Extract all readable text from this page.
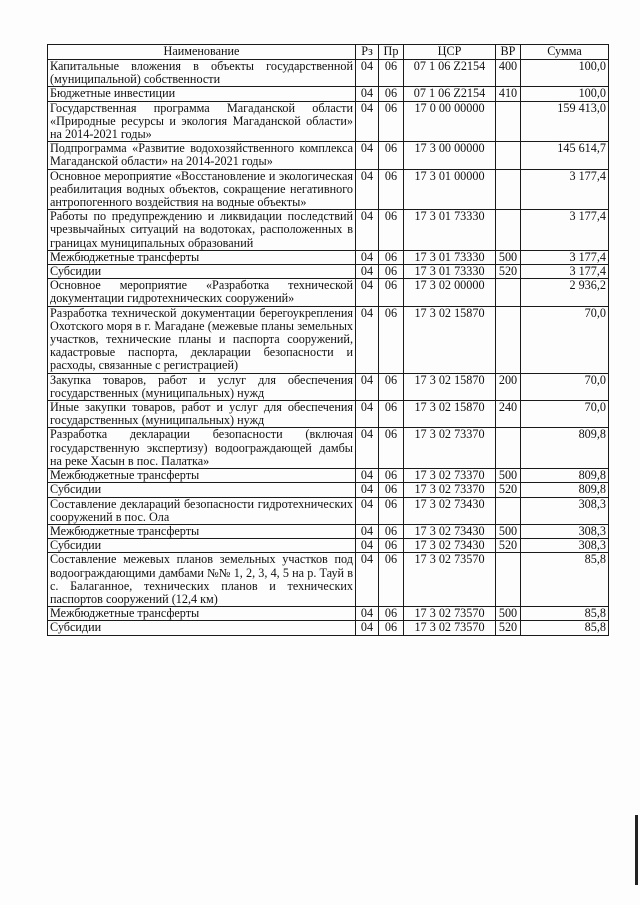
Наименование	Рз	Пр	ЦСР	ВР	Сумма
Капитальные вложения в объекты государственной (муниципальной) собственности	04	06	07 1 06 Z2154	400	100,0
Бюджетные инвестиции	04	06	07 1 06 Z2154	410	100,0
Государственная программа Магаданской области «Природные ресурсы и экология Магаданской области» на 2014-2021 годы»	04	06	17 0 00 00000		159 413,0
Подпрограмма «Развитие водохозяйственного комплекса Магаданской области» на 2014-2021 годы»	04	06	17 3 00 00000		145 614,7
Основное мероприятие «Восстановление и экологическая реабилитация водных объектов, сокращение негативного антропогенного воздействия на водные объекты»	04	06	17 3 01 00000		3 177,4
Работы по предупреждению и ликвидации последствий чрезвычайных ситуаций на водотоках, расположенных в границах муниципальных образований	04	06	17 3 01 73330		3 177,4
Межбюджетные трансферты	04	06	17 3 01 73330	500	3 177,4
Субсидии	04	06	17 3 01 73330	520	3 177,4
Основное мероприятие «Разработка технической документации гидротехнических сооружений»	04	06	17 3 02 00000		2 936,2
Разработка технической документации берегоукрепления Охотского моря в г. Магадане (межевые планы земельных участков, технические планы и паспорта сооружений, кадастровые паспорта, декларации безопасности и расходы, связанные с регистрацией)	04	06	17 3 02 15870		70,0
Закупка товаров, работ и услуг для обеспечения государственных (муниципальных) нужд	04	06	17 3 02 15870	200	70,0
Иные закупки товаров, работ и услуг для обеспечения государственных (муниципальных) нужд	04	06	17 3 02 15870	240	70,0
Разработка декларации безопасности (включая государственную экспертизу) водоограждающей дамбы на реке Хасын в пос. Палатка»	04	06	17 3 02 73370		809,8
Межбюджетные трансферты	04	06	17 3 02 73370	500	809,8
Субсидии	04	06	17 3 02 73370	520	809,8
Составление деклараций безопасности гидротехнических сооружений в пос. Ола	04	06	17 3 02 73430		308,3
Межбюджетные трансферты	04	06	17 3 02 73430	500	308,3
Субсидии	04	06	17 3 02 73430	520	308,3
Составление межевых планов земельных участков под водоограждающими дамбами №№ 1, 2, 3, 4, 5 на р. Тауй в с. Балаганное, технических планов и технических паспортов сооружений (12,4 км)	04	06	17 3 02 73570		85,8
Межбюджетные трансферты	04	06	17 3 02 73570	500	85,8
Субсидии	04	06	17 3 02 73570	520	85,8
